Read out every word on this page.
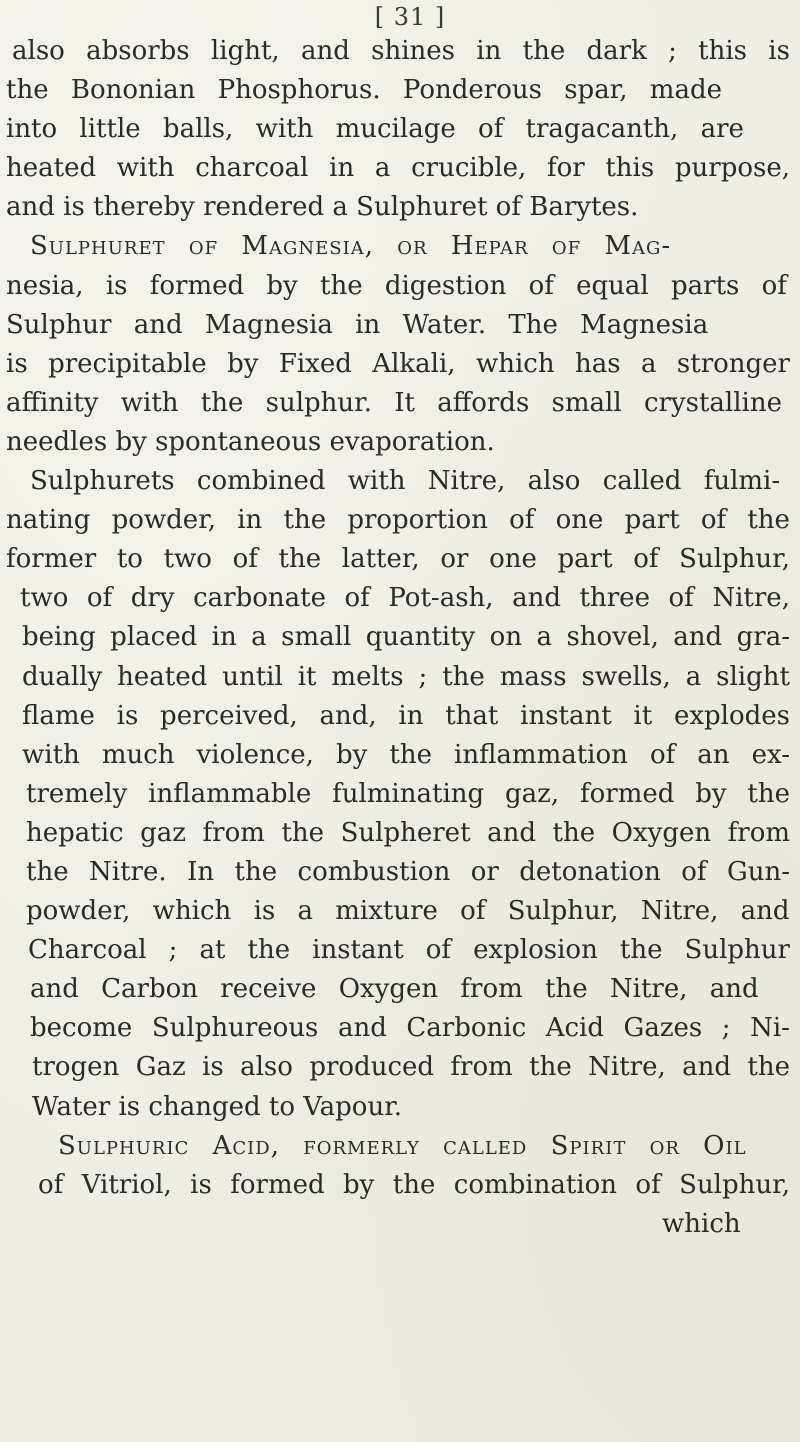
[ 31 ]
also absorbs light, and shines in the dark ; this is
the Bononian Phosphorus. Ponderous spar, made
into little balls, with mucilage of tragacanth, are
heated with charcoal in a crucible, for this purpose,
and is thereby rendered a Sulphuret of Barytes.
Sulphuret of Magnesia, or Hepar of Mag-
nesia, is formed by the digestion of equal parts of
Sulphur and Magnesia in Water. The Magnesia
is precipitable by Fixed Alkali, which has a stronger
affinity with the sulphur. It affords small crystalline
needles by spontaneous evaporation.
Sulphurets combined with Nitre, also called fulmi-
nating powder, in the proportion of one part of the
former to two of the latter, or one part of Sulphur,
two of dry carbonate of Pot-ash, and three of Nitre,
being placed in a small quantity on a shovel, and gra-
dually heated until it melts ; the mass swells, a slight
flame is perceived, and, in that instant it explodes
with much violence, by the inflammation of an ex-
tremely inflammable fulminating gaz, formed by the
hepatic gaz from the Sulpheret and the Oxygen from
the Nitre. In the combustion or detonation of Gun-
powder, which is a mixture of Sulphur, Nitre, and
Charcoal ; at the instant of explosion the Sulphur
and Carbon receive Oxygen from the Nitre, and
become Sulphureous and Carbonic Acid Gazes ; Ni-
trogen Gaz is also produced from the Nitre, and the
Water is changed to Vapour.
Sulphuric Acid, formerly called Spirit or Oil
of Vitriol, is formed by the combination of Sulphur,
which
